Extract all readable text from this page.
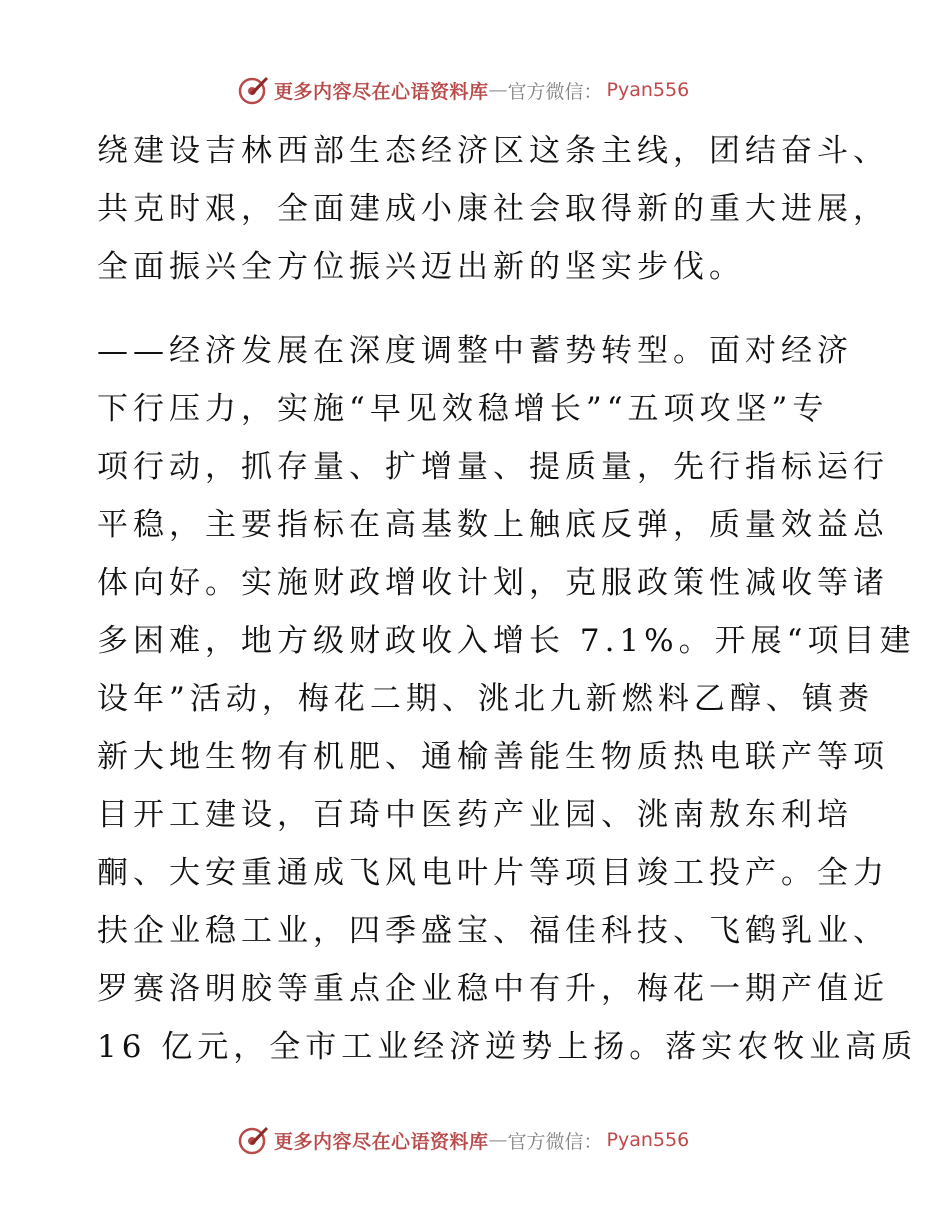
更多内容尽在心语资料库 — 官方微信： Pyan556
绕建设吉林西部生态经济区这条主线，团结奋斗、
共克时艰，全面建成小康社会取得新的重大进展，
全面振兴全方位振兴迈出新的坚实步伐。
——经济发展在深度调整中蓄势转型。面对经济
下行压力，实施“早见效稳增长”“五项攻坚”专
项行动，抓存量、扩增量、提质量，先行指标运行
平稳，主要指标在高基数上触底反弹，质量效益总
体向好。实施财政增收计划，克服政策性减收等诸
多困难，地方级财政收入增长 7.1%。开展“项目建
设年”活动，梅花二期、洮北九新燃料乙醇、镇赉
新大地生物有机肥、通榆善能生物质热电联产等项
目开工建设，百琦中医药产业园、洮南敖东利培
酮、大安重通成飞风电叶片等项目竣工投产。全力
扶企业稳工业，四季盛宝、福佳科技、飞鹤乳业、
罗赛洛明胶等重点企业稳中有升，梅花一期产值近
16 亿元，全市工业经济逆势上扬。落实农牧业高质
更多内容尽在心语资料库 — 官方微信： Pyan556
